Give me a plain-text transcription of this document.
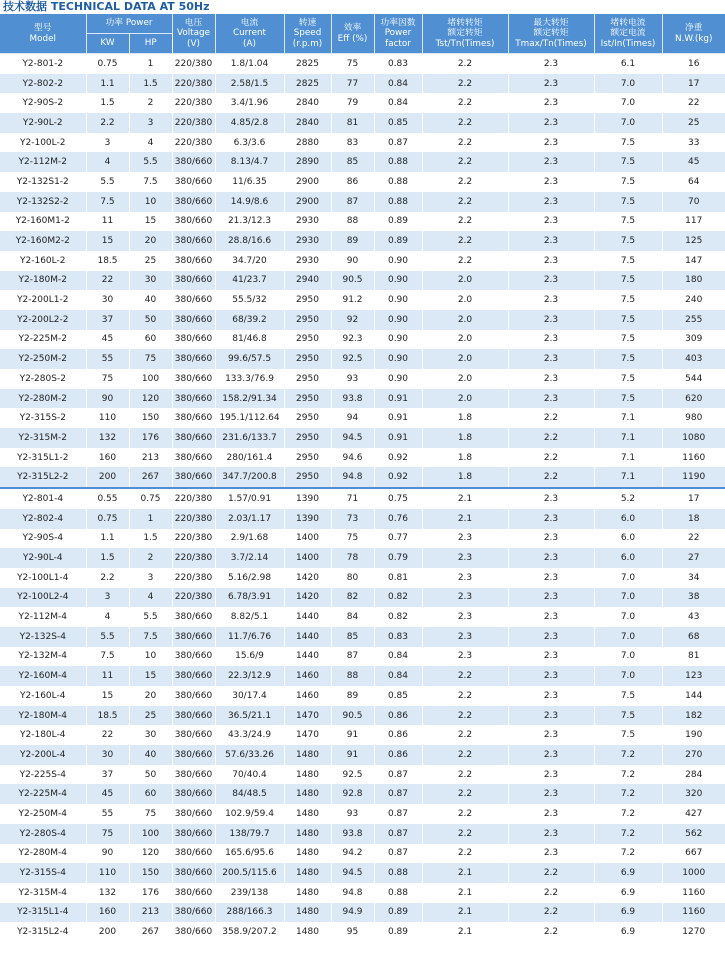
技术数据 TECHNICAL DATA AT 50Hz
型号
Model	功率 Power		电压
Voltage
(V)	电流
Current
(A)	转速
Speed
(r.p.m)	效率
Eff (%)	功率因数
Power
factor	堵转转矩
额定转矩
Tst/Tn(Times)	最大转矩
额定转矩
Tmax/Tn(Times)	堵转电流
额定电流
Ist/In(Times)	净重
N.W.(kg)

	KW	HP									
Y2-801-2	0.75	1	220/380	1.8/1.04	2825	75	0.83	2.2	2.3	6.1	16
Y2-802-2	1.1	1.5	220/380	2.58/1.5	2825	77	0.84	2.2	2.3	7.0	17
Y2-90S-2	1.5	2	220/380	3.4/1.96	2840	79	0.84	2.2	2.3	7.0	22
Y2-90L-2	2.2	3	220/380	4.85/2.8	2840	81	0.85	2.2	2.3	7.0	25
Y2-100L-2	3	4	220/380	6.3/3.6	2880	83	0.87	2.2	2.3	7.5	33
Y2-112M-2	4	5.5	380/660	8.13/4.7	2890	85	0.88	2.2	2.3	7.5	45
Y2-132S1-2	5.5	7.5	380/660	11/6.35	2900	86	0.88	2.2	2.3	7.5	64
Y2-132S2-2	7.5	10	380/660	14.9/8.6	2900	87	0.88	2.2	2.3	7.5	70
Y2-160M1-2	11	15	380/660	21.3/12.3	2930	88	0.89	2.2	2.3	7.5	117
Y2-160M2-2	15	20	380/660	28.8/16.6	2930	89	0.89	2.2	2.3	7.5	125
Y2-160L-2	18.5	25	380/660	34.7/20	2930	90	0.90	2.2	2.3	7.5	147
Y2-180M-2	22	30	380/660	41/23.7	2940	90.5	0.90	2.0	2.3	7.5	180
Y2-200L1-2	30	40	380/660	55.5/32	2950	91.2	0.90	2.0	2.3	7.5	240
Y2-200L2-2	37	50	380/660	68/39.2	2950	92	0.90	2.0	2.3	7.5	255
Y2-225M-2	45	60	380/660	81/46.8	2950	92.3	0.90	2.0	2.3	7.5	309
Y2-250M-2	55	75	380/660	99.6/57.5	2950	92.5	0.90	2.0	2.3	7.5	403
Y2-280S-2	75	100	380/660	133.3/76.9	2950	93	0.90	2.0	2.3	7.5	544
Y2-280M-2	90	120	380/660	158.2/91.34	2950	93.8	0.91	2.0	2.3	7.5	620
Y2-315S-2	110	150	380/660	195.1/112.64	2950	94	0.91	1.8	2.2	7.1	980
Y2-315M-2	132	176	380/660	231.6/133.7	2950	94.5	0.91	1.8	2.2	7.1	1080
Y2-315L1-2	160	213	380/660	280/161.4	2950	94.6	0.92	1.8	2.2	7.1	1160
Y2-315L2-2	200	267	380/660	347.7/200.8	2950	94.8	0.92	1.8	2.2	7.1	1190
Y2-801-4	0.55	0.75	220/380	1.57/0.91	1390	71	0.75	2.1	2.3	5.2	17
Y2-802-4	0.75	1	220/380	2.03/1.17	1390	73	0.76	2.1	2.3	6.0	18
Y2-90S-4	1.1	1.5	220/380	2.9/1.68	1400	75	0.77	2.3	2.3	6.0	22
Y2-90L-4	1.5	2	220/380	3.7/2.14	1400	78	0.79	2.3	2.3	6.0	27
Y2-100L1-4	2.2	3	220/380	5.16/2.98	1420	80	0.81	2.3	2.3	7.0	34
Y2-100L2-4	3	4	220/380	6.78/3.91	1420	82	0.82	2.3	2.3	7.0	38
Y2-112M-4	4	5.5	380/660	8.82/5.1	1440	84	0.82	2.3	2.3	7.0	43
Y2-132S-4	5.5	7.5	380/660	11.7/6.76	1440	85	0.83	2.3	2.3	7.0	68
Y2-132M-4	7.5	10	380/660	15.6/9	1440	87	0.84	2.3	2.3	7.0	81
Y2-160M-4	11	15	380/660	22.3/12.9	1460	88	0.84	2.2	2.3	7.0	123
Y2-160L-4	15	20	380/660	30/17.4	1460	89	0.85	2.2	2.3	7.5	144
Y2-180M-4	18.5	25	380/660	36.5/21.1	1470	90.5	0.86	2.2	2.3	7.5	182
Y2-180L-4	22	30	380/660	43.3/24.9	1470	91	0.86	2.2	2.3	7.5	190
Y2-200L-4	30	40	380/660	57.6/33.26	1480	91	0.86	2.2	2.3	7.2	270
Y2-225S-4	37	50	380/660	70/40.4	1480	92.5	0.87	2.2	2.3	7.2	284
Y2-225M-4	45	60	380/660	84/48.5	1480	92.8	0.87	2.2	2.3	7.2	320
Y2-250M-4	55	75	380/660	102.9/59.4	1480	93	0.87	2.2	2.3	7.2	427
Y2-280S-4	75	100	380/660	138/79.7	1480	93.8	0.87	2.2	2.3	7.2	562
Y2-280M-4	90	120	380/660	165.6/95.6	1480	94.2	0.87	2.2	2.3	7.2	667
Y2-315S-4	110	150	380/660	200.5/115.6	1480	94.5	0.88	2.1	2.2	6.9	1000
Y2-315M-4	132	176	380/660	239/138	1480	94.8	0.88	2.1	2.2	6.9	1160
Y2-315L1-4	160	213	380/660	288/166.3	1480	94.9	0.89	2.1	2.2	6.9	1160
Y2-315L2-4	200	267	380/660	358.9/207.2	1480	95	0.89	2.1	2.2	6.9	1270
